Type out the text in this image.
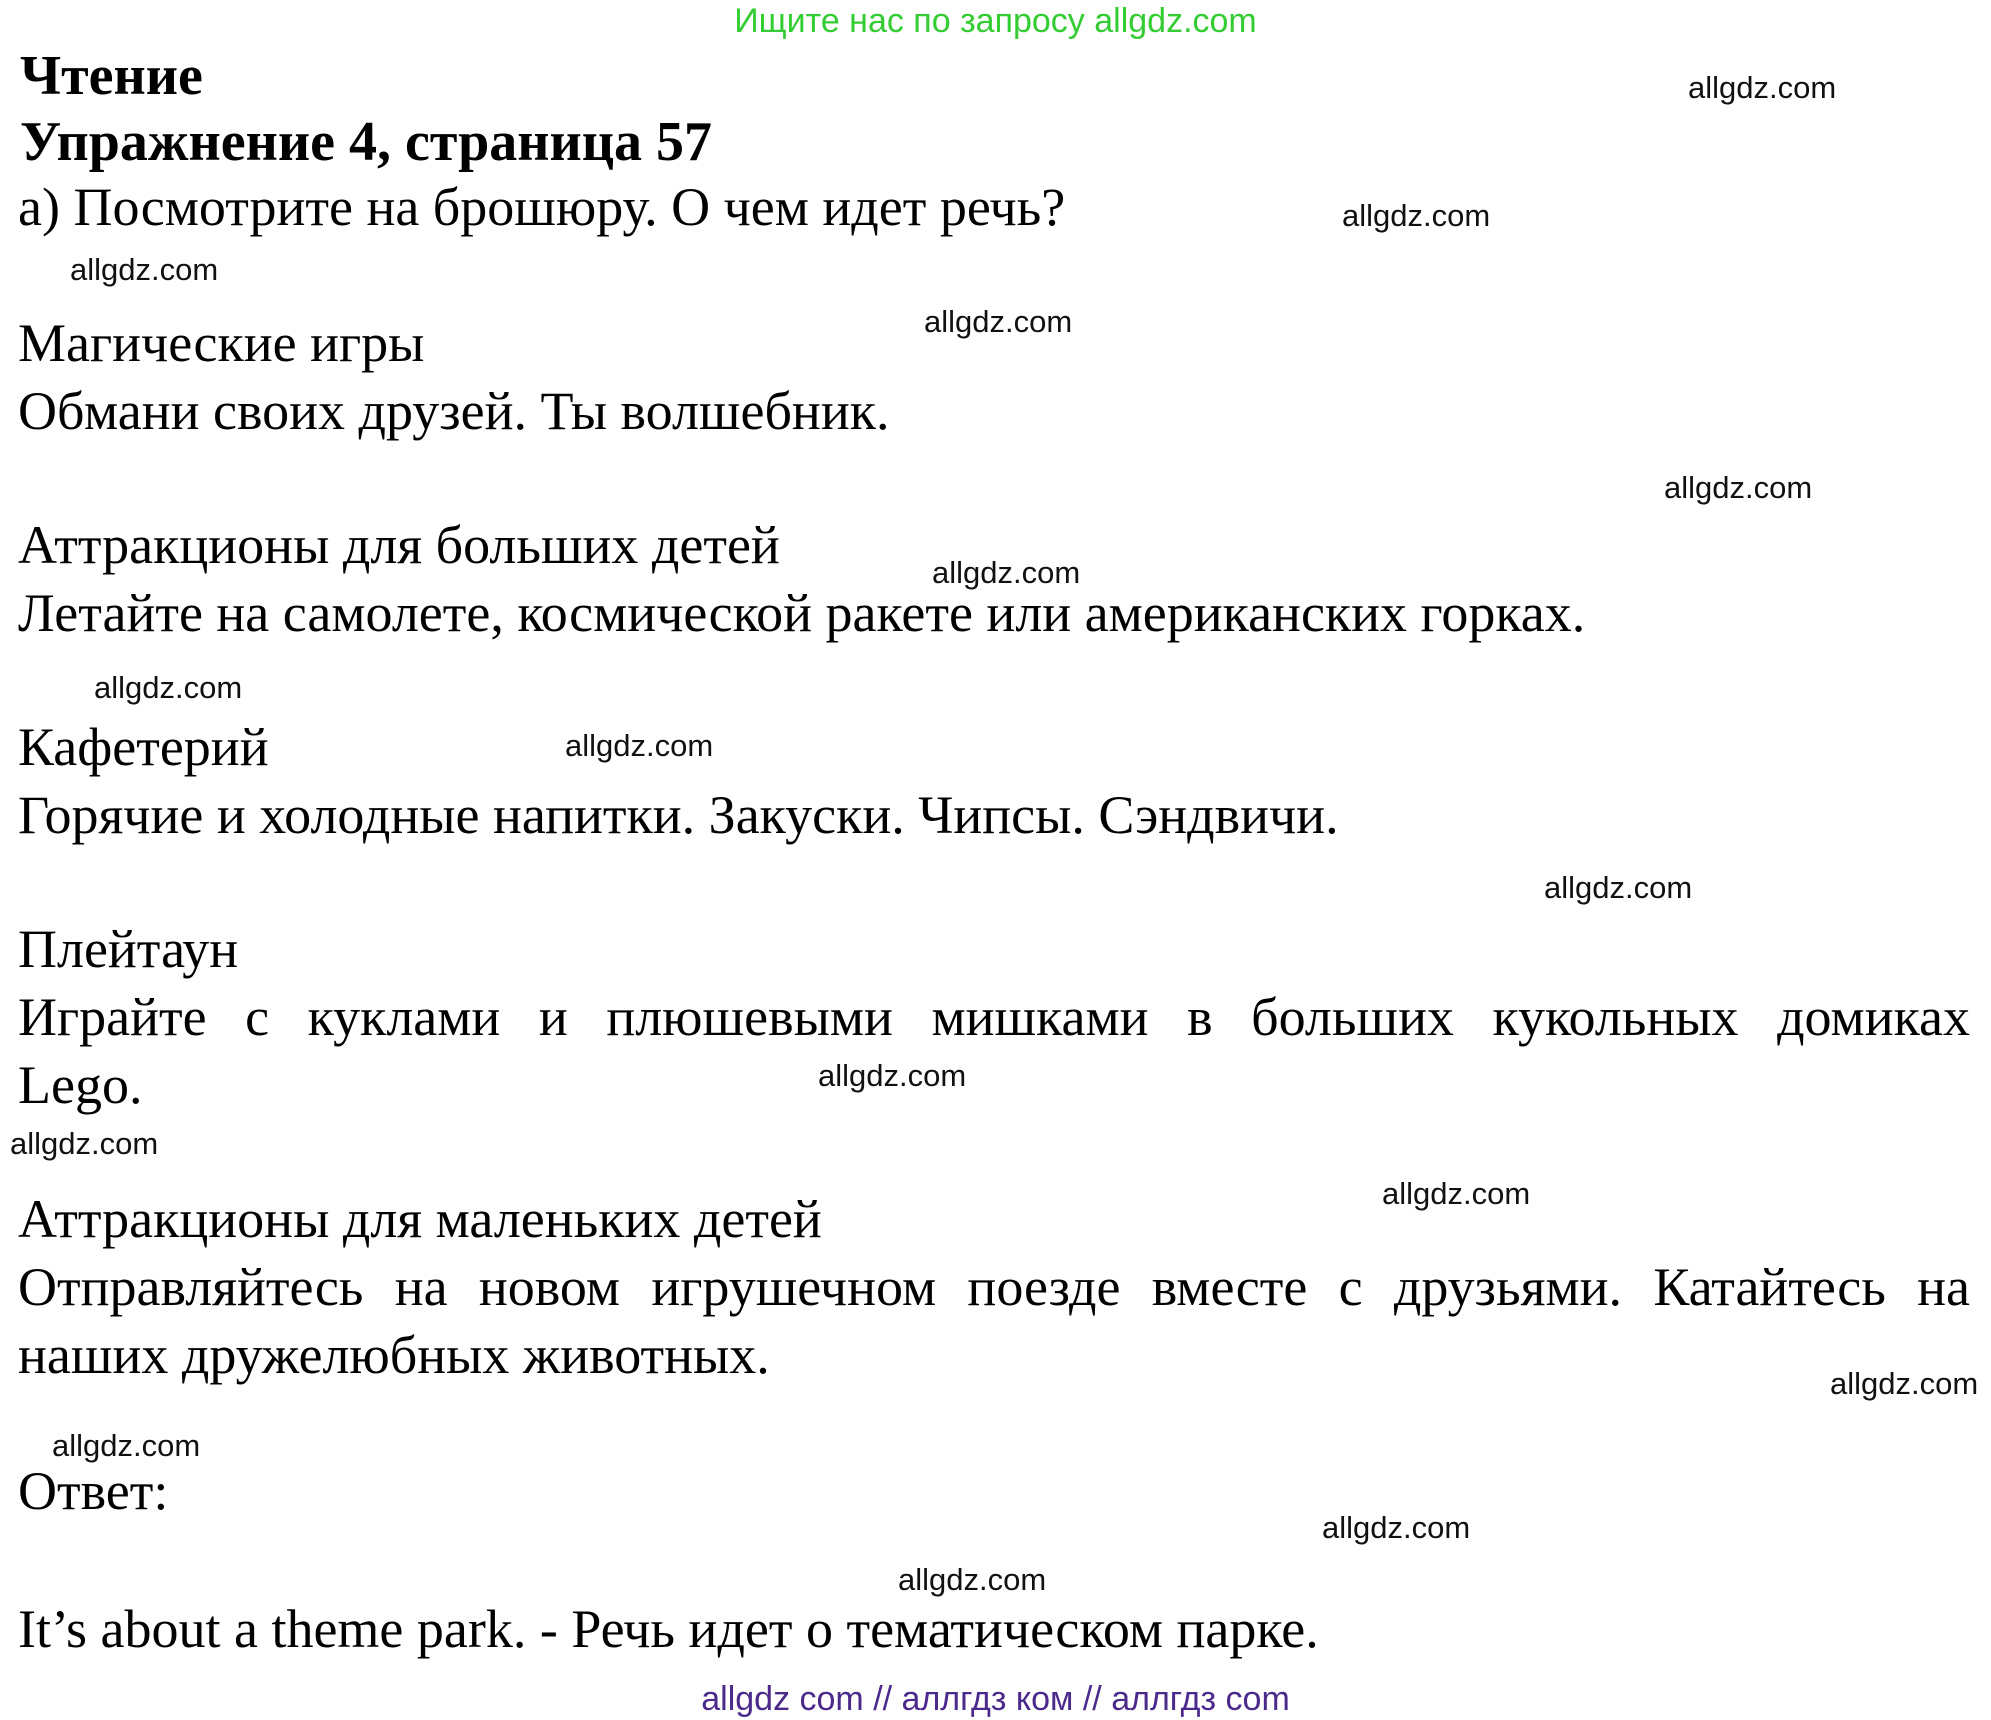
Ищите нас по запросу allgdz.com
Чтение
Упражнение 4, страница 57
a) Посмотрите на брошюру. О чем идет речь?
Магические игры
Обмани своих друзей. Ты волшебник.
Аттракционы для больших детей
Летайте на самолете, космической ракете или американских горках.
Кафетерий
Горячие и холодные напитки. Закуски. Чипсы. Сэндвичи.
Плейтаун
Играйте с куклами и плюшевыми мишками в больших кукольных домиках
Lego.
Аттракционы для маленьких детей
Отправляйтесь на новом игрушечном поезде вместе с друзьями. Катайтесь на
наших дружелюбных животных.
Ответ:
It’s about a theme park. - Речь идет о тематическом парке.
allgdz.com
allgdz.com
allgdz.com
allgdz.com
allgdz.com
allgdz.com
allgdz.com
allgdz.com
allgdz.com
allgdz.com
allgdz.com
allgdz.com
allgdz.com
allgdz.com
allgdz.com
allgdz.com
allgdz com // аллгдз ком // аллгдз com
